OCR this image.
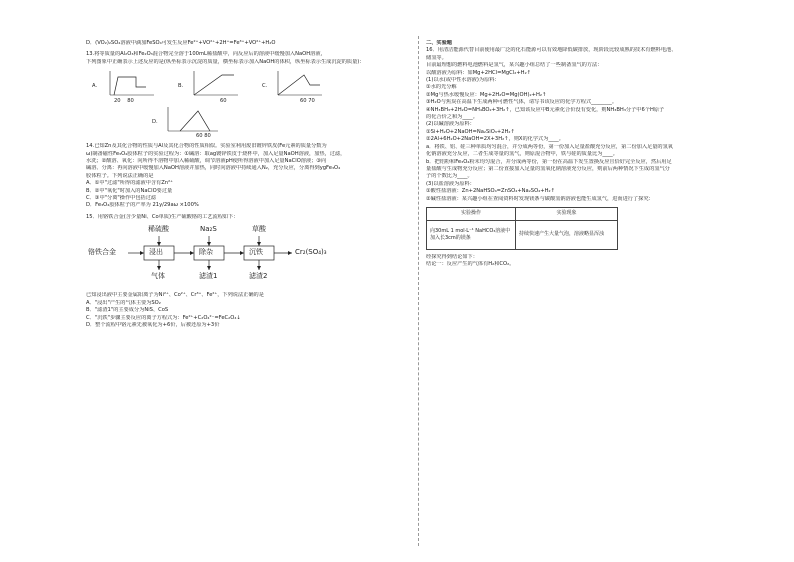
D．(VO₂)₂SO₄溶液中滴加FeSO₄可发生反应Fe²⁺+VO²⁺+2H⁺=Fe³⁺+VO²⁺+H₂O
13.将等质量的Al₂O₃和Fe₂O₃混合物完全溶于100mL稀盐酸中，向反应后的溶液中缓慢加入NaOH溶液，
下列图象中正确表示上述反应的是(纵坐标表示沉淀的质量，横坐标表示加入NaOH的体积，纵坐标表示生成沉淀的质量)：
A.
20 80
B.
60
C.
60 70
D.
60 80
14.已知Zn及其化合物的性质与Al及其化合物的性质相似。实验室利用废旧镀锌铁皮(Fe元素的质量分数为
ω)制备磁性Fe₃O₄胶体粒子的实验过程为：①碱溶：取ag镀锌铁皮于烧杯中，加入足量NaOH溶液，加热，过滤，
水洗；②酸溶、氧化：向所得不溶物中加入稀硫酸，调节溶液pH使所得溶液中加入足量NaClO溶液；③向
碱溶、分离：再向溶液中缓慢加入NaOH溶液并加热，同时向溶液中持续通入N₂，充分反应，分离得到ygFe₃O₄
胶体粒子。下列说法正确的是
A．①中"过滤"所得的滤液中含有Zn²⁺
B．②中"氧化"时加入的NaClO要过量
C．③中"分离"操作中包括过滤
D．Fe₃O₄胶体粒子的产率为 21y/29aω ×100%
15．用铬铁合金(含少量Ni、Co单质)生产硫酸铬的工艺流程如下：
稀硫酸	Na₂S	草酸
铬铁合金	浸出	除杂	沉铁	Cr₂(SO₄)₃
气体	滤渣1	滤渣2
已知浸出液中主要金属阳离子为Ni²⁺、Co²⁺、Cr³⁺、Fe²⁺，下列说法正确的是
A．"浸出"产生的气体主要为SO₂
B．"滤渣1"的主要成分为NiS、CoS
C．"沉铁"步骤主要反应的离子方程式为：Fe²⁺+C₂O₄²⁻=FeC₂O₄↓
D．整个流程中铬元素先被氧化为+6价，后被还原为+3价
二、实验题
16．用清洁能源代替目前使用最广泛的化石能源可以有效地降低碳排放，现阶段比较成熟的技术有燃料电池、
储氢等。
目前最理想的燃料电池燃料是氢气，某兴趣小组总结了一些制备氢气的方法：
以酸溶液为原料：如Mg+2HCl=MgCl₂+H₂↑
(1)以水(或中性水溶液)为原料：
①水的光分解
②Mg与热水缓慢反应：Mg+2H₂O=Mg(OH)₂+H₂↑
③H₂O与焦炭在高温下生成两种可燃性气体，请写书该反应的化学方程式________。
④NH₃BH₃+2H₂O=NH₄BO₂+3H₂↑，已知该反应中B元素化合价没有变化，则NH₃BH₃分子中6个H原子
的化合价之和为____。
(2)以碱溶液为原料：
①Si+H₂O+2NaOH=Na₂SiO₃+2H₂↑
②2Al+6H₂O+2NaOH=2X+3H₂↑，则X的化学式为____。
a．将铁、铝、硅三种单质均匀混合，并分成两等份，第一份加入足量盐酸充分反应，第二份加入足量的氢氧
化钠溶液充分反应，二者生成等量的氢气，则原混合物中，铁与硅的质量比为____。
b．把铝粉和Fe₃O₄粉末均匀混合，并分成两等份，第一份在高温下发生置换反应且恰好完全反应，然后用足
量盐酸与生成物充分反应；第二份直接加入足量的氢氧化钠溶液充分反应，则前后两种情况下生成的氢气分
子的个数比为____。
(3)以盐溶液为原料：
①酸性盐溶液：Zn+2NaHSO₄=ZnSO₄+Na₂SO₄+H₂↑
②碱性盐溶液：某兴趣小组在查阅资料时发现镁条与碳酸氢钠溶液也能生成氢气，进而进行了探究：
实验操作	实验现象
向30mL 1 mol·L⁻¹ NaHCO₃溶液中加入长3cm的镁条	持续快速产生大量气泡，溶液略显浑浊
经探究得到结论如下：
结论一：反应产生的气体有H₂和CO₂。
